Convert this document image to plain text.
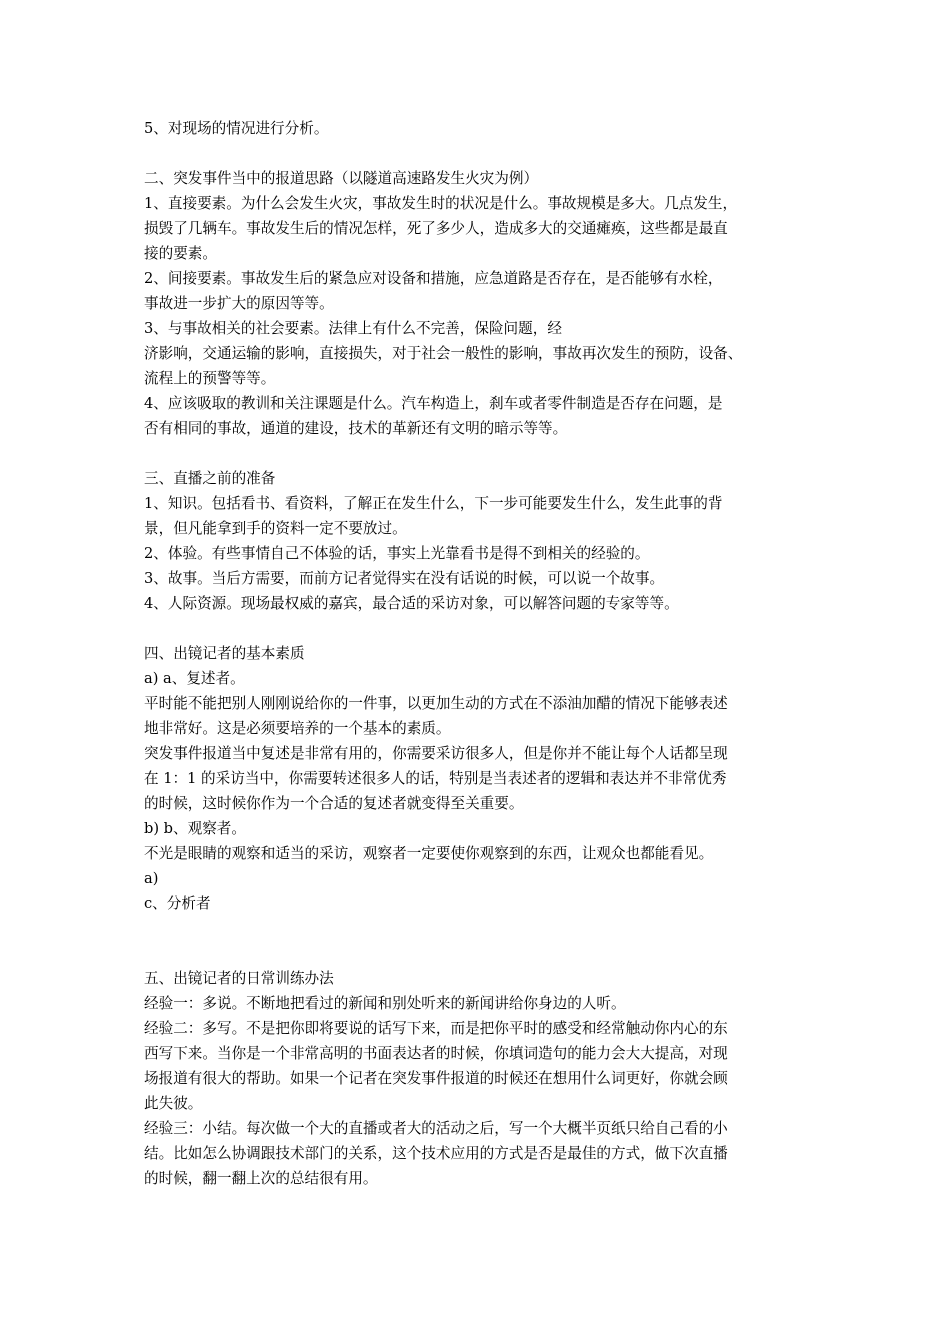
5、对现场的情况进行分析。
二、突发事件当中的报道思路（以隧道高速路发生火灾为例）
1、直接要素。为什么会发生火灾，事故发生时的状况是什么。事故规模是多大。几点发生，
损毁了几辆车。事故发生后的情况怎样，死了多少人，造成多大的交通瘫痪，这些都是最直
接的要素。
2、间接要素。事故发生后的紧急应对设备和措施，应急道路是否存在，是否能够有水栓，
事故进一步扩大的原因等等。
3、与事故相关的社会要素。法律上有什么不完善，保险问题，经
济影响，交通运输的影响，直接损失，对于社会一般性的影响，事故再次发生的预防，设备、
流程上的预警等等。
4、应该吸取的教训和关注课题是什么。汽车构造上，刹车或者零件制造是否存在问题，是
否有相同的事故，通道的建设，技术的革新还有文明的暗示等等。
三、直播之前的准备
1、知识。包括看书、看资料，了解正在发生什么，下一步可能要发生什么，发生此事的背
景，但凡能拿到手的资料一定不要放过。
2、体验。有些事情自己不体验的话，事实上光靠看书是得不到相关的经验的。
3、故事。当后方需要，而前方记者觉得实在没有话说的时候，可以说一个故事。
4、人际资源。现场最权威的嘉宾，最合适的采访对象，可以解答问题的专家等等。
四、出镜记者的基本素质
a) a、复述者。
平时能不能把别人刚刚说给你的一件事，以更加生动的方式在不添油加醋的情况下能够表述
地非常好。这是必须要培养的一个基本的素质。
突发事件报道当中复述是非常有用的，你需要采访很多人，但是你并不能让每个人话都呈现
在 1：1 的采访当中，你需要转述很多人的话，特别是当表述者的逻辑和表达并不非常优秀
的时候，这时候你作为一个合适的复述者就变得至关重要。
b) b、观察者。
不光是眼睛的观察和适当的采访，观察者一定要使你观察到的东西，让观众也都能看见。
a)
c、分析者
五、出镜记者的日常训练办法
经验一：多说。不断地把看过的新闻和别处听来的新闻讲给你身边的人听。
经验二：多写。不是把你即将要说的话写下来，而是把你平时的感受和经常触动你内心的东
西写下来。当你是一个非常高明的书面表达者的时候，你填词造句的能力会大大提高，对现
场报道有很大的帮助。如果一个记者在突发事件报道的时候还在想用什么词更好，你就会顾
此失彼。
经验三：小结。每次做一个大的直播或者大的活动之后，写一个大概半页纸只给自己看的小
结。比如怎么协调跟技术部门的关系，这个技术应用的方式是否是最佳的方式，做下次直播
的时候，翻一翻上次的总结很有用。
